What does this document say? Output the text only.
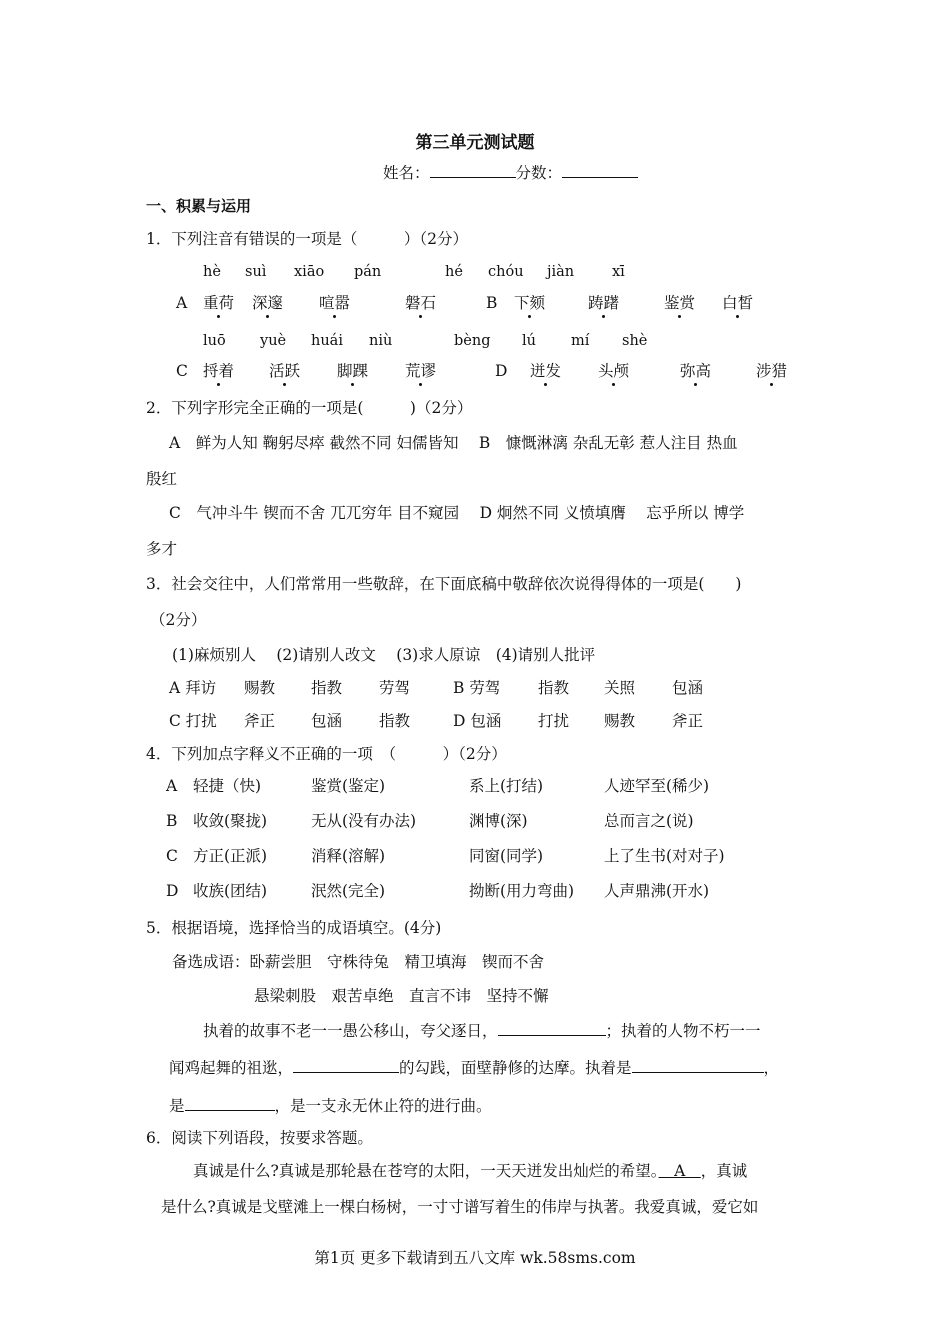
第三单元测试题
姓名：	分数：
一、积累与运用
1．下列注音有错误的一项是（　　　）（2分）
hè suì xiāo pán	hé chóu jiàn	xī
A 重荷 深邃 喧嚣	磐石	B 下颏	踌躇	鉴赏 白皙
luō yuè huái niù	bèng lú mí shè
C 捋着 活跃 脚踝 荒谬	D 迸发 头颅	弥高	涉猎
2．下列字形完全正确的一项是(　　　)（2分）
A　鲜为人知 鞠躬尽瘁 截然不同 妇儒皆知　 B　慷慨淋漓 杂乱无彰 惹人注目 热血
殷红
C　气冲斗牛 锲而不舍 兀兀穷年 目不窥园　 D 炯然不同 义愤填膺　 忘乎所以 博学
多才
3．社会交往中，人们常常用一些敬辞，在下面底稿中敬辞依次说得得体的一项是(　　)
（2分）
(1)麻烦别人　 (2)请别人改文　 (3)求人原谅　(4)请别人批评
A 拜访 赐教 指教 劳驾	B 劳驾 指教 关照 包涵
C 打扰 斧正 包涵 指教	D 包涵 打扰 赐教 斧正
4．下列加点字释义不正确的一项　（　　　）（2分）
A 轻捷（快)	鉴赏(鉴定)	系上(打结)	人迹罕至(稀少)
B 收敛(聚拢)	无从(没有办法)	渊博(深)	总而言之(说)
C 方正(正派)	消释(溶解)	同窗(同学)	上了生书(对对子)
D 收族(团结)	泯然(完全)	拗断(用力弯曲) 人声鼎沸(开水)
5．根据语境，选择恰当的成语填空。(4分)
备选成语：卧薪尝胆　守株待兔　精卫填海　锲而不舍
悬梁刺股　艰苦卓绝　直言不讳　坚持不懈
执着的故事不老一一愚公移山，夸父逐日，	；执着的人物不朽一一
闻鸡起舞的祖逖，	的勾践，面壁静修的达摩。执着是	，
是	，是一支永无休止符的进行曲。
6．阅读下列语段，按要求答题。
真诚是什么?真诚是那轮悬在苍穹的太阳，一天天迸发出灿烂的希望。　A　，真诚
是什么?真诚是戈壁滩上一棵白杨树，一寸寸谱写着生的伟岸与执著。我爱真诚，爱它如
第1页 更多下载请到五八文库 wk.58sms.com
